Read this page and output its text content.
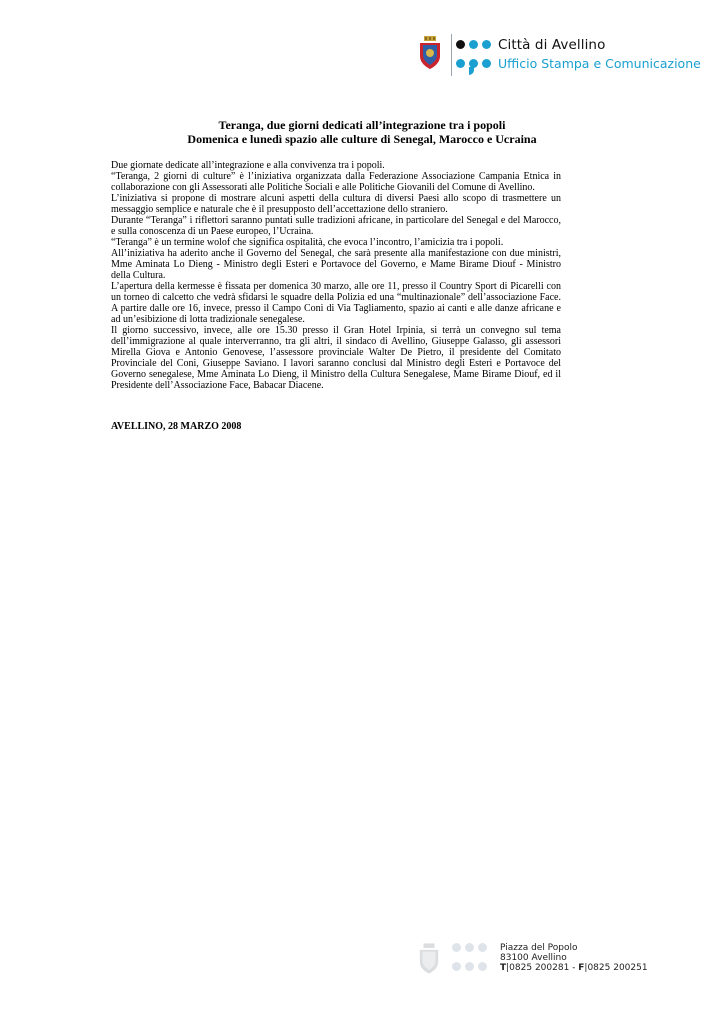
Città di Avellino
Ufficio Stampa e Comunicazione
Teranga, due giorni dedicati all’integrazione tra i popoli
Domenica e lunedì spazio alle culture di Senegal, Marocco e Ucraina

Due giornate dedicate all’integrazione e alla convivenza tra i popoli.

“Teranga, 2 giorni di culture” è l’iniziativa organizzata dalla Federazione Associazione Campania Etnica in collaborazione con gli Assessorati alle Politiche Sociali e alle Politiche Giovanili del Comune di Avellino.

L’iniziativa si propone di mostrare alcuni aspetti della cultura di diversi Paesi allo scopo di trasmettere un messaggio semplice e naturale che è il presupposto dell’accettazione dello straniero.

Durante “Teranga” i riflettori saranno puntati sulle tradizioni africane, in particolare del Senegal e del Marocco, e sulla conoscenza di un Paese europeo, l’Ucraina.

“Teranga” è un termine wolof che significa ospitalità, che evoca l’incontro, l’amicizia tra i popoli.

All’iniziativa ha aderito anche il Governo del Senegal, che sarà presente alla manifestazione con due ministri, Mme Aminata Lo Dieng - Ministro degli Esteri e Portavoce del Governo, e Mame Birame Diouf - Ministro della Cultura.

L’apertura della kermesse è fissata per domenica 30 marzo, alle ore 11, presso il Country Sport di Picarelli con un torneo di calcetto che vedrà sfidarsi le squadre della Polizia ed una “multinazionale” dell’associazione Face. A partire dalle ore 16, invece, presso il Campo Coni di Via Tagliamento, spazio ai canti e alle danze africane e ad un’esibizione di lotta tradizionale senegalese.

Il giorno successivo, invece, alle ore 15.30 presso il Gran Hotel Irpinia, si terrà un convegno sul tema dell’immigrazione al quale interverranno, tra gli altri, il sindaco di Avellino, Giuseppe Galasso, gli assessori Mirella Giova e Antonio Genovese, l’assessore provinciale Walter De Pietro, il presidente del Comitato Provinciale del Coni, Giuseppe Saviano. I lavori saranno conclusi dal Ministro degli Esteri e Portavoce del Governo senegalese, Mme Aminata Lo Dieng, il Ministro della Cultura Senegalese, Mame Birame Diouf, ed il Presidente dell’Associazione Face, Babacar Diacene.

AVELLINO, 28 MARZO 2008
Piazza del Popolo
83100 Avellino
T|0825 200281 - F|0825 200251
